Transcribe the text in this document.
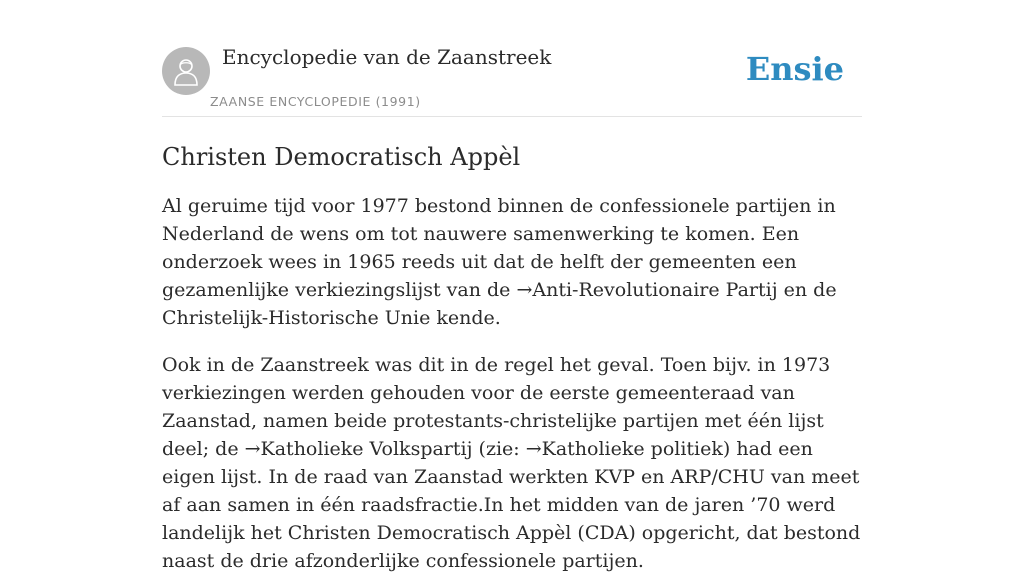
Encyclopedie van de Zaanstreek
ZAANSE ENCYCLOPEDIE (1991)
Ensie
Christen Democratisch Appèl

Al geruime tijd voor 1977 bestond binnen de confessionele partijen in Nederland de wens om tot nauwere samenwerking te komen. Een onderzoek wees in 1965 reeds uit dat de helft der gemeenten een gezamenlijke verkiezingslijst van de →Anti-Revolutionaire Partij en de Christelijk-Historische Unie kende.

Ook in de Zaanstreek was dit in de regel het geval. Toen bijv. in 1973 verkiezingen werden gehouden voor de eerste gemeenteraad van Zaanstad, namen beide protestants-christelijke partijen met één lijst deel; de →Katholieke Volkspartij (zie: →Katholieke politiek) had een eigen lijst. In de raad van Zaanstad werkten KVP en ARP/CHU van meet af aan samen in één raadsfractie.In het midden van de jaren ’70 werd landelijk het Christen Democratisch Appèl (CDA) opgericht, dat bestond naast de drie afzonderlijke confessionele partijen.
